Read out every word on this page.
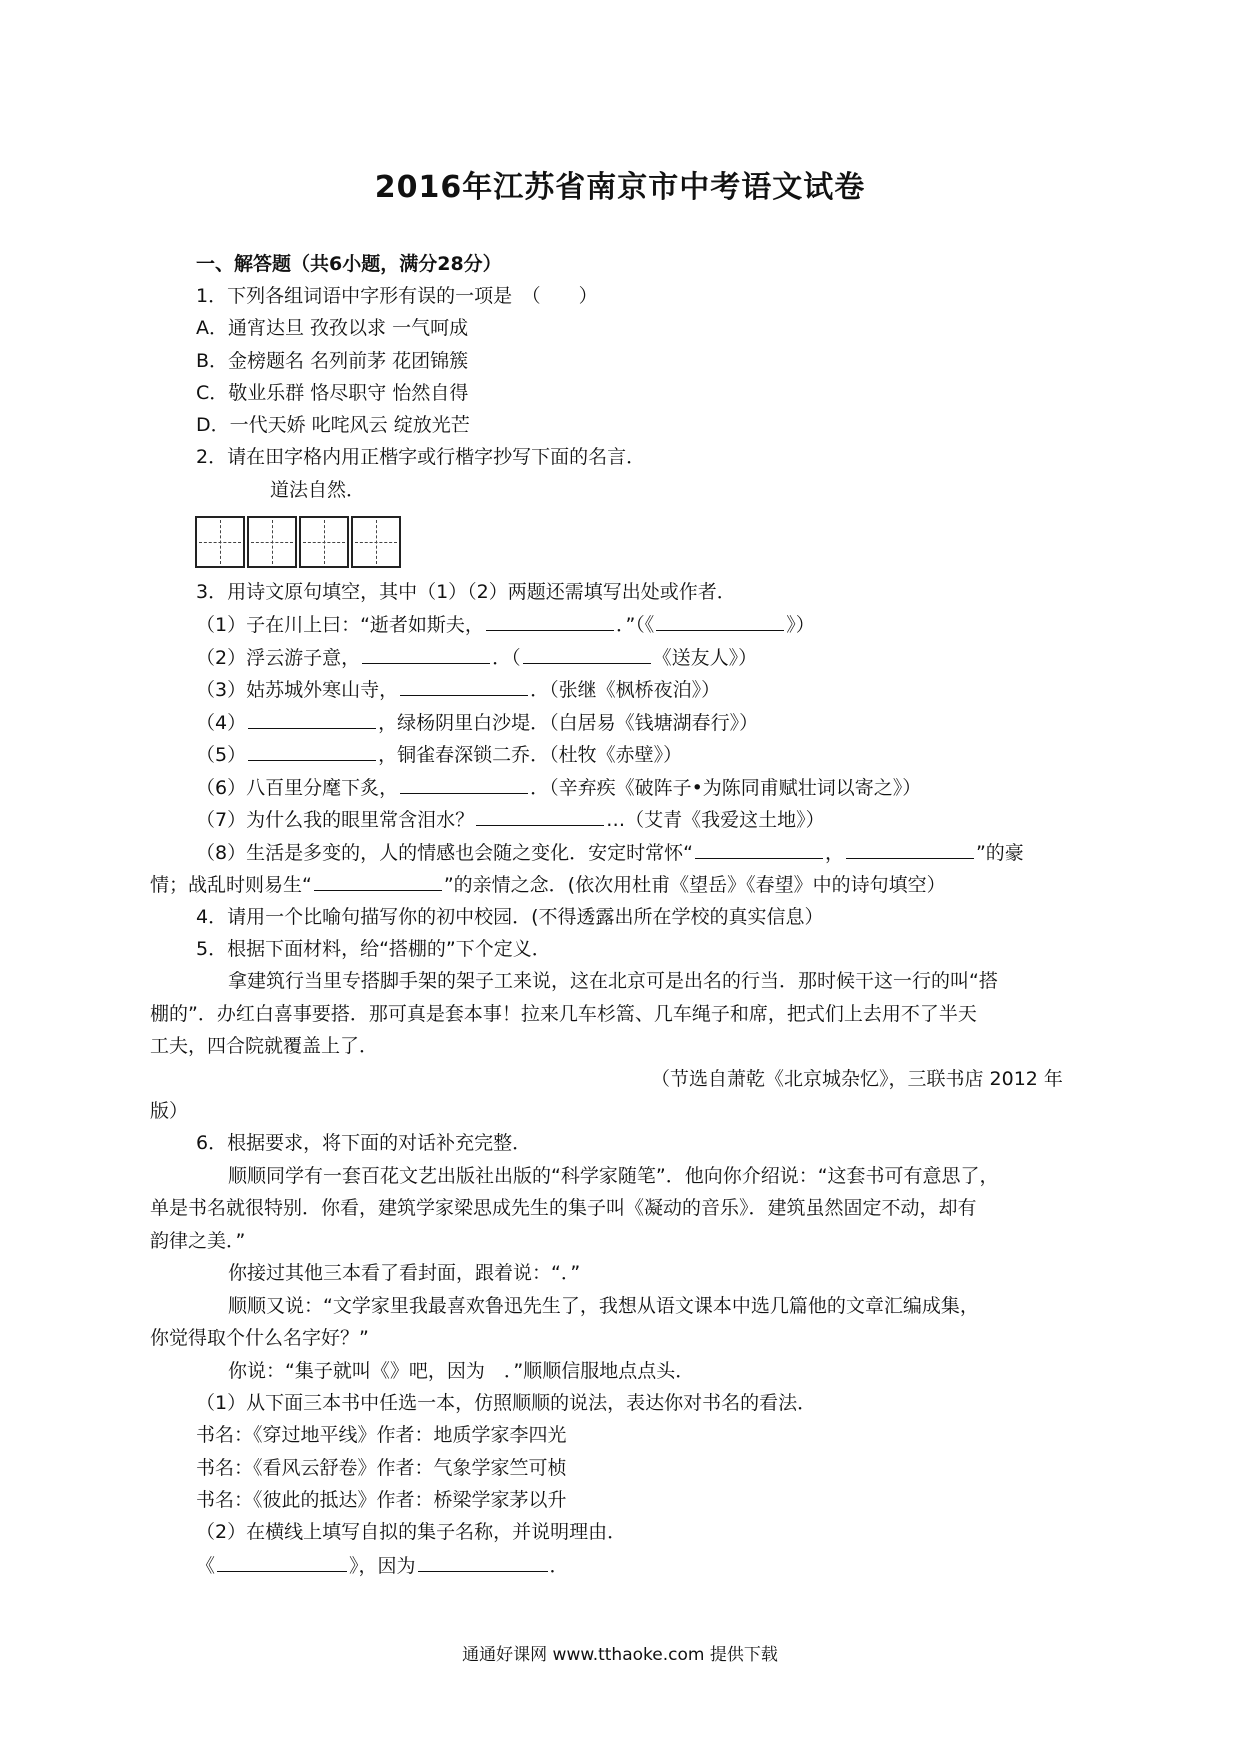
2016年江苏省南京市中考语文试卷
一、解答题（共6小题，满分28分）
1．下列各组词语中字形有误的一项是　（　　）
A．通宵达旦 孜孜以求 一气呵成
B．金榜题名 名列前茅 花团锦簇
C．敬业乐群 恪尽职守 怡然自得
D．一代天娇 叱咤风云 绽放光芒
2．请在田字格内用正楷字或行楷字抄写下面的名言．
道法自然．
3．用诗文原句填空，其中（1）（2）两题还需填写出处或作者．
（1）子在川上曰：“逝者如斯夫，	．”（《	》）
（2）浮云游子意，	．（	《送友人》）
（3）姑苏城外寒山寺，	．（张继《枫桥夜泊》）
（4）	，绿杨阴里白沙堤．（白居易《钱塘湖春行》）
（5）	，铜雀春深锁二乔．（杜牧《赤壁》）
（6）八百里分麾下炙，	．（辛弃疾《破阵子•为陈同甫赋壮词以寄之》）
（7）为什么我的眼里常含泪水？	…（艾青《我爱这土地》）
（8）生活是多变的，人的情感也会随之变化．安定时常怀“	，	”的豪
情；战乱时则易生“	”的亲情之念．(依次用杜甫《望岳》《春望》中的诗句填空）
4．请用一个比喻句描写你的初中校园．(不得透露出所在学校的真实信息）
5．根据下面材料，给“搭棚的”下个定义．
拿建筑行当里专搭脚手架的架子工来说，这在北京可是出名的行当．那时候干这一行的叫“搭
棚的”．办红白喜事要搭．那可真是套本事！拉来几车杉篙、几车绳子和席，把式们上去用不了半天
工夫，四合院就覆盖上了．
（节选自萧乾《北京城杂忆》，三联书店 2012 年
版）
6．根据要求，将下面的对话补充完整．
顺顺同学有一套百花文艺出版社出版的“科学家随笔”．他向你介绍说：“这套书可有意思了，
单是书名就很特别．你看，建筑学家梁思成先生的集子叫《凝动的音乐》．建筑虽然固定不动，却有
韵律之美．”
你接过其他三本看了看封面，跟着说：“．”
顺顺又说：“文学家里我最喜欢鲁迅先生了，我想从语文课本中选几篇他的文章汇编成集，
你觉得取个什么名字好？”
你说：“集子就叫《》吧，因为　．”顺顺信服地点点头．
（1）从下面三本书中任选一本，仿照顺顺的说法，表达你对书名的看法．
书名：《穿过地平线》作者：地质学家李四光
书名：《看风云舒卷》作者：气象学家竺可桢
书名：《彼此的抵达》作者：桥梁学家茅以升
（2）在横线上填写自拟的集子名称，并说明理由．
《	》，因为	．
通通好课网 www.tthaoke.com 提供下载
